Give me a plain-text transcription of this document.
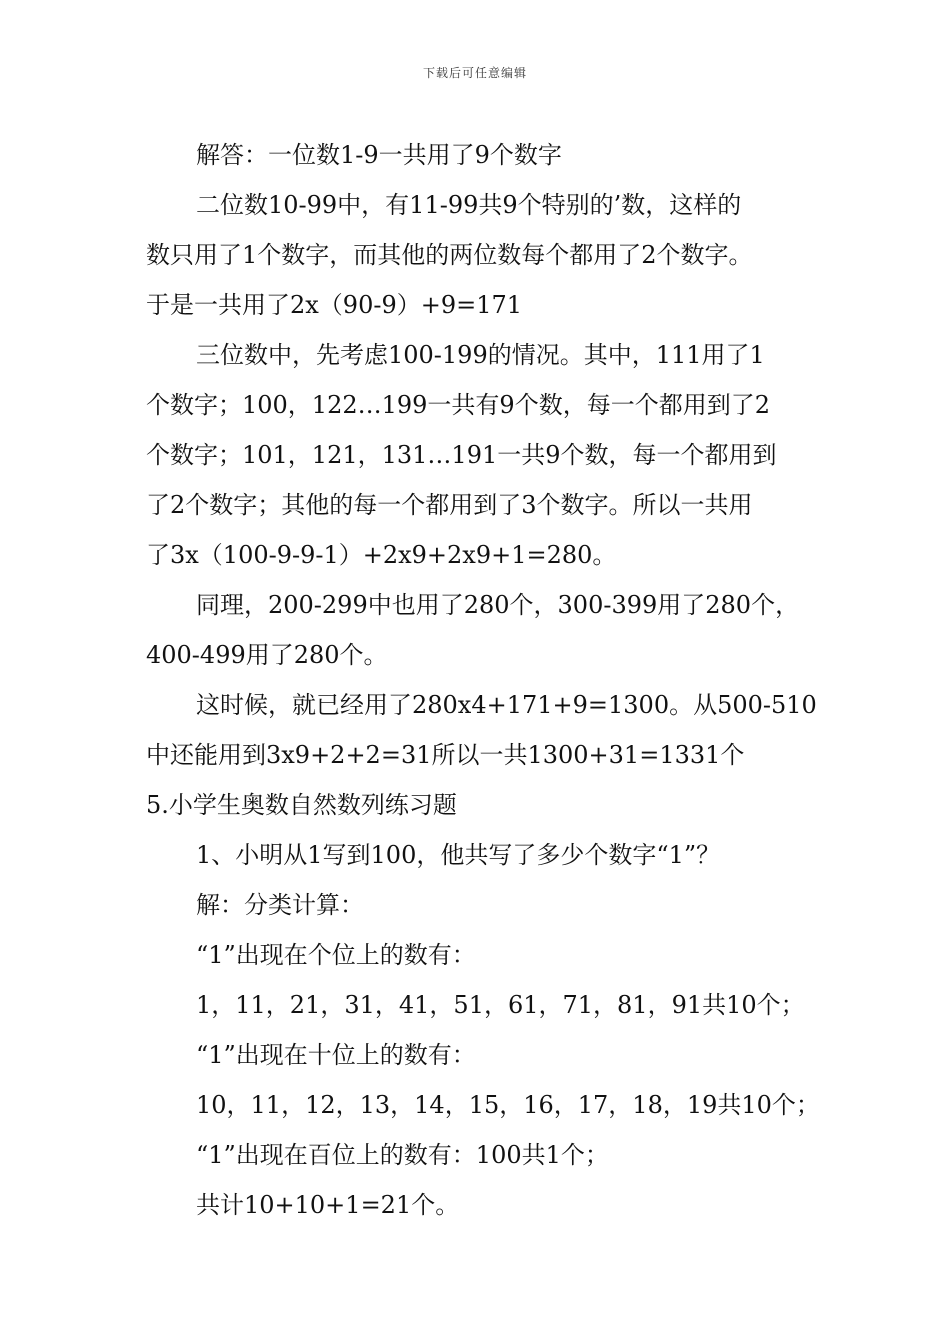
下载后可任意编辑
解答：一位数1-9一共用了9个数字
二位数10-99中，有11-99共9个特别的’数，这样的
数只用了1个数字，而其他的两位数每个都用了2个数字。
于是一共用了2x（90-9）+9=171
三位数中，先考虑100-199的情况。其中，111用了1
个数字；100，122…199一共有9个数，每一个都用到了2
个数字；101，121，131…191一共9个数，每一个都用到
了2个数字；其他的每一个都用到了3个数字。所以一共用
了3x（100-9-9-1）+2x9+2x9+1=280。
同理，200-299中也用了280个，300-399用了280个，
400-499用了280个。
这时候，就已经用了280x4+171+9=1300。从500-510
中还能用到3x9+2+2=31所以一共1300+31=1331个
5.小学生奥数自然数列练习题
1、小明从1写到100，他共写了多少个数字“1”？
解：分类计算：
“1”出现在个位上的数有：
1，11，21，31，41，51，61，71，81，91共10个；
“1”出现在十位上的数有：
10，11，12，13，14，15，16，17，18，19共10个；
“1”出现在百位上的数有：100共1个；
共计10+10+1=21个。
